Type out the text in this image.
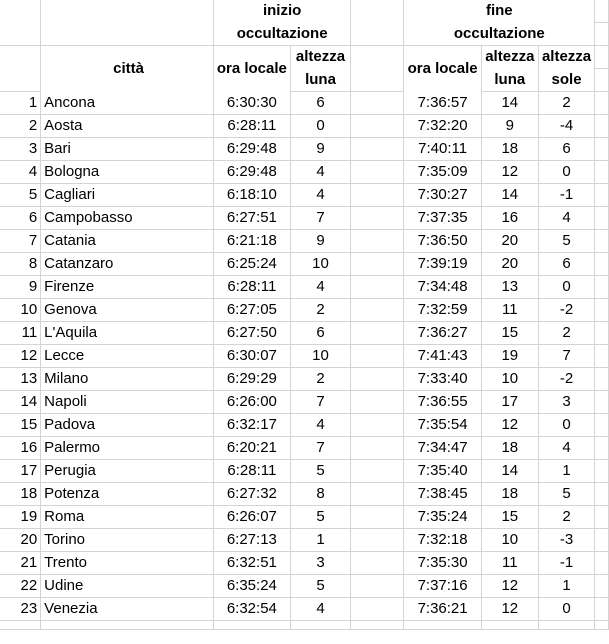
		inizio			fine			
		occultazione			occultazione			
	città	ora locale	altezza		ora locale	altezza	altezza	
			luna			luna	sole	
1	Ancona	6:30:30	6		7:36:57	14	2	
2	Aosta	6:28:11	0		7:32:20	9	-4	
3	Bari	6:29:48	9		7:40:11	18	6	
4	Bologna	6:29:48	4		7:35:09	12	0	
5	Cagliari	6:18:10	4		7:30:27	14	-1	
6	Campobasso	6:27:51	7		7:37:35	16	4	
7	Catania	6:21:18	9		7:36:50	20	5	
8	Catanzaro	6:25:24	10		7:39:19	20	6	
9	Firenze	6:28:11	4		7:34:48	13	0	
10	Genova	6:27:05	2		7:32:59	11	-2	
11	L'Aquila	6:27:50	6		7:36:27	15	2	
12	Lecce	6:30:07	10		7:41:43	19	7	
13	Milano	6:29:29	2		7:33:40	10	-2	
14	Napoli	6:26:00	7		7:36:55	17	3	
15	Padova	6:32:17	4		7:35:54	12	0	
16	Palermo	6:20:21	7		7:34:47	18	4	
17	Perugia	6:28:11	5		7:35:40	14	1	
18	Potenza	6:27:32	8		7:38:45	18	5	
19	Roma	6:26:07	5		7:35:24	15	2	
20	Torino	6:27:13	1		7:32:18	10	-3	
21	Trento	6:32:51	3		7:35:30	11	-1	
22	Udine	6:35:24	5		7:37:16	12	1	
23	Venezia	6:32:54	4		7:36:21	12	0	
